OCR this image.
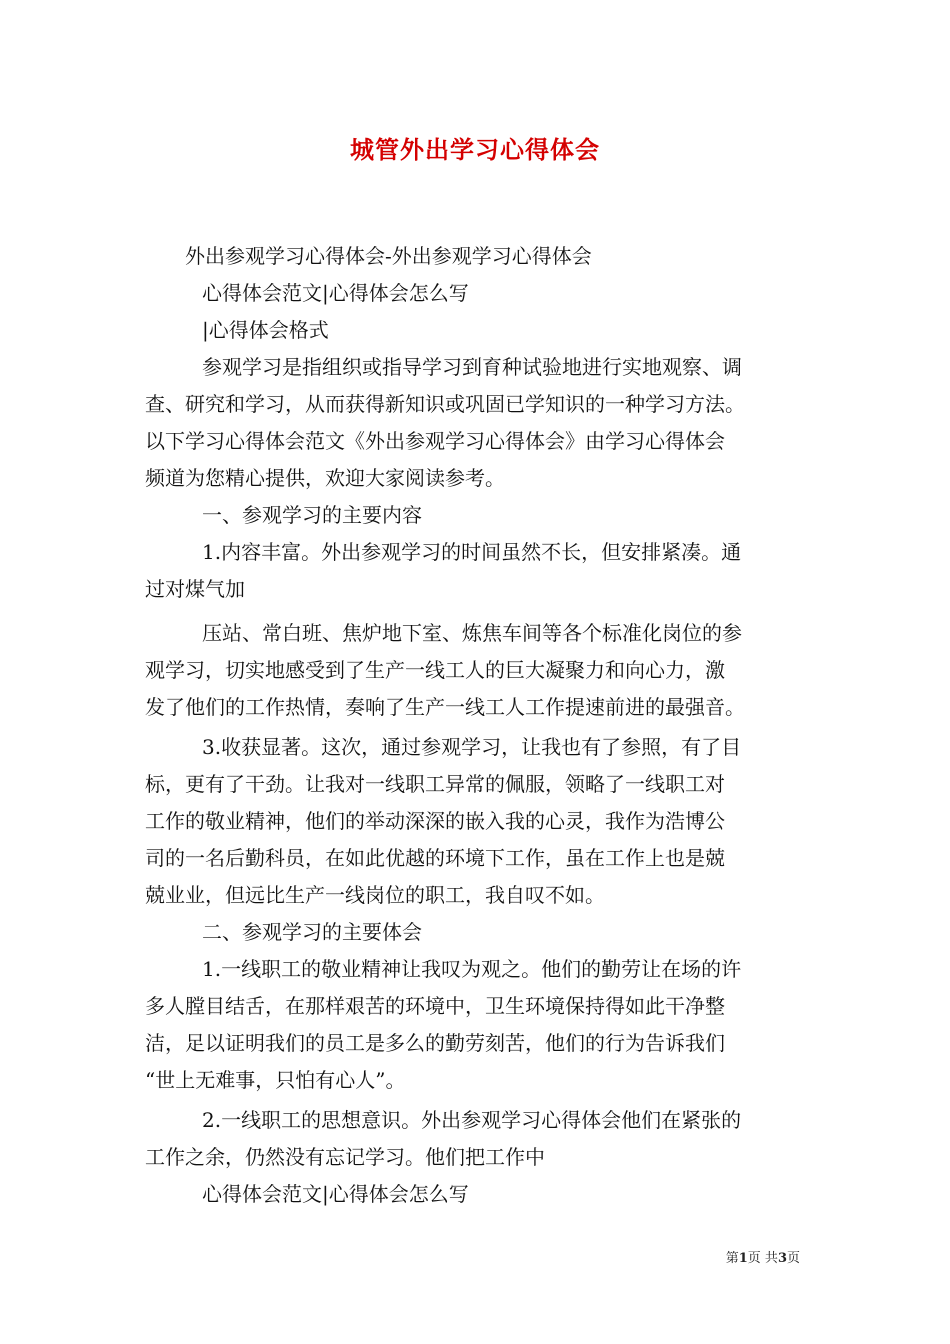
城管外出学习心得体会
外出参观学习心得体会-外出参观学习心得体会
心得体会范文|心得体会怎么写
|心得体会格式
参观学习是指组织或指导学习到育种试验地进行实地观察、调
查、研究和学习，从而获得新知识或巩固已学知识的一种学习方法。
以下学习心得体会范文《外出参观学习心得体会》由学习心得体会
频道为您精心提供，欢迎大家阅读参考。
一、参观学习的主要内容
1.内容丰富。外出参观学习的时间虽然不长，但安排紧凑。通
过对煤气加
压站、常白班、焦炉地下室、炼焦车间等各个标准化岗位的参
观学习，切实地感受到了生产一线工人的巨大凝聚力和向心力，激
发了他们的工作热情，奏响了生产一线工人工作提速前进的最强音。
3.收获显著。这次，通过参观学习，让我也有了参照，有了目
标，更有了干劲。让我对一线职工异常的佩服，领略了一线职工对
工作的敬业精神，他们的举动深深的嵌入我的心灵，我作为浩博公
司的一名后勤科员，在如此优越的环境下工作，虽在工作上也是兢
兢业业，但远比生产一线岗位的职工，我自叹不如。
二、参观学习的主要体会
1.一线职工的敬业精神让我叹为观之。他们的勤劳让在场的许
多人膛目结舌，在那样艰苦的环境中，卫生环境保持得如此干净整
洁，足以证明我们的员工是多么的勤劳刻苦，他们的行为告诉我们
“世上无难事，只怕有心人”。
2.一线职工的思想意识。外出参观学习心得体会他们在紧张的
工作之余，仍然没有忘记学习。他们把工作中
心得体会范文|心得体会怎么写
第1页 共3页
